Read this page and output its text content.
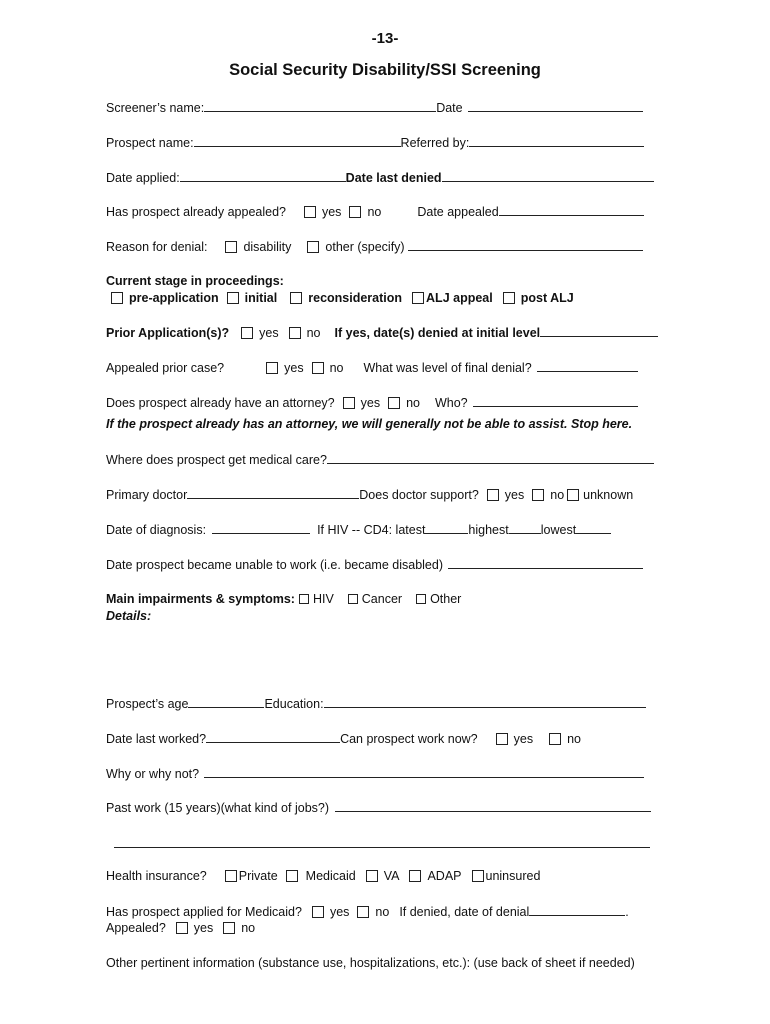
-13-
Social Security Disability/SSI Screening
Screener’s name:	Date
Prospect name:	Referred by:
Date applied:	Date last denied
Has prospect already appealed?	yes no	Date appealed
Reason for denial:	disability	other (specify)
Current stage in proceedings:
pre-application initial reconsideration ALJ appeal post ALJ
Prior Application(s)? yes no If yes, date(s) denied at initial level
Appealed prior case?	yes no What was level of final denial?
Does prospect already have an attorney? yes no Who?
If the prospect already has an attorney, we will generally not be able to assist. Stop here.
Where does prospect get medical care?
Primary doctor	Does doctor support? yes no unknown
Date of diagnosis:	If HIV -- CD4: latest	highest	lowest
Date prospect became unable to work (i.e. became disabled)
Main impairments & symptoms: HIV Cancer Other
Details:
Prospect’s age	Education:
Date last worked?	Can prospect work now?	yes	no
Why or why not?
Past work (15 years)(what kind of jobs?)
Health insurance?	Private Medicaid VA ADAP uninsured
Has prospect applied for Medicaid? yes no If denied, date of denial	.
Appealed? yes no
Other pertinent information (substance use, hospitalizations, etc.): (use back of sheet if needed)
